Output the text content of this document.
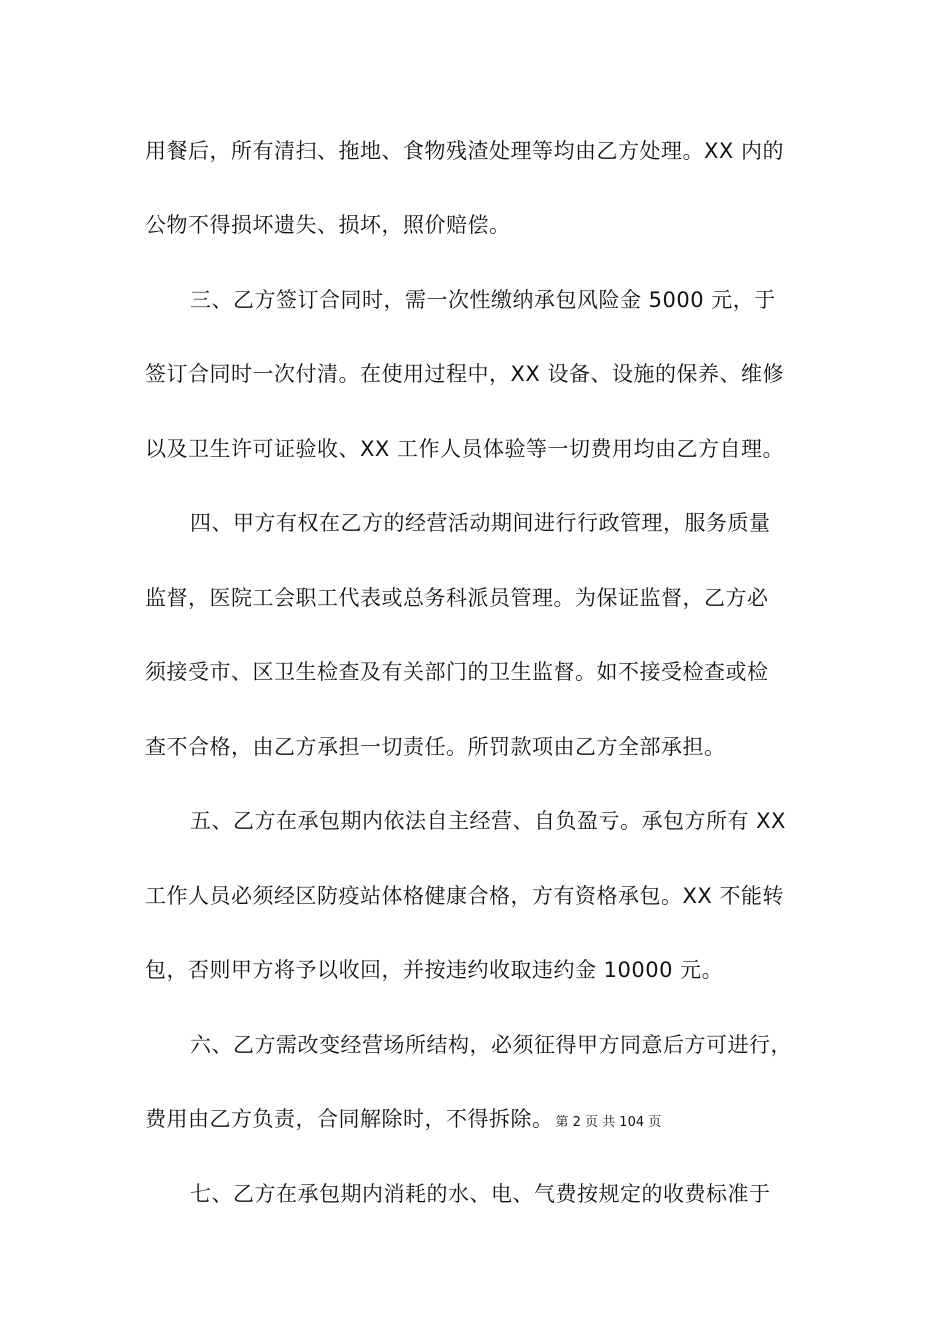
用餐后，所有清扫、拖地、食物残渣处理等均由乙方处理。XX 内的
公物不得损坏遗失、损坏，照价赔偿。
三、乙方签订合同时，需一次性缴纳承包风险金 5000 元，于
签订合同时一次付清。在使用过程中，XX 设备、设施的保养、维修
以及卫生许可证验收、XX 工作人员体验等一切费用均由乙方自理。
四、甲方有权在乙方的经营活动期间进行行政管理，服务质量
监督，医院工会职工代表或总务科派员管理。为保证监督，乙方必
须接受市、区卫生检查及有关部门的卫生监督。如不接受检查或检
查不合格，由乙方承担一切责任。所罚款项由乙方全部承担。
五、乙方在承包期内依法自主经营、自负盈亏。承包方所有 XX
工作人员必须经区防疫站体格健康合格，方有资格承包。XX 不能转
包，否则甲方将予以收回，并按违约收取违约金 10000 元。
六、乙方需改变经营场所结构，必须征得甲方同意后方可进行，
费用由乙方负责，合同解除时，不得拆除。 第 2 页 共 104 页
七、乙方在承包期内消耗的水、电、气费按规定的收费标准于
